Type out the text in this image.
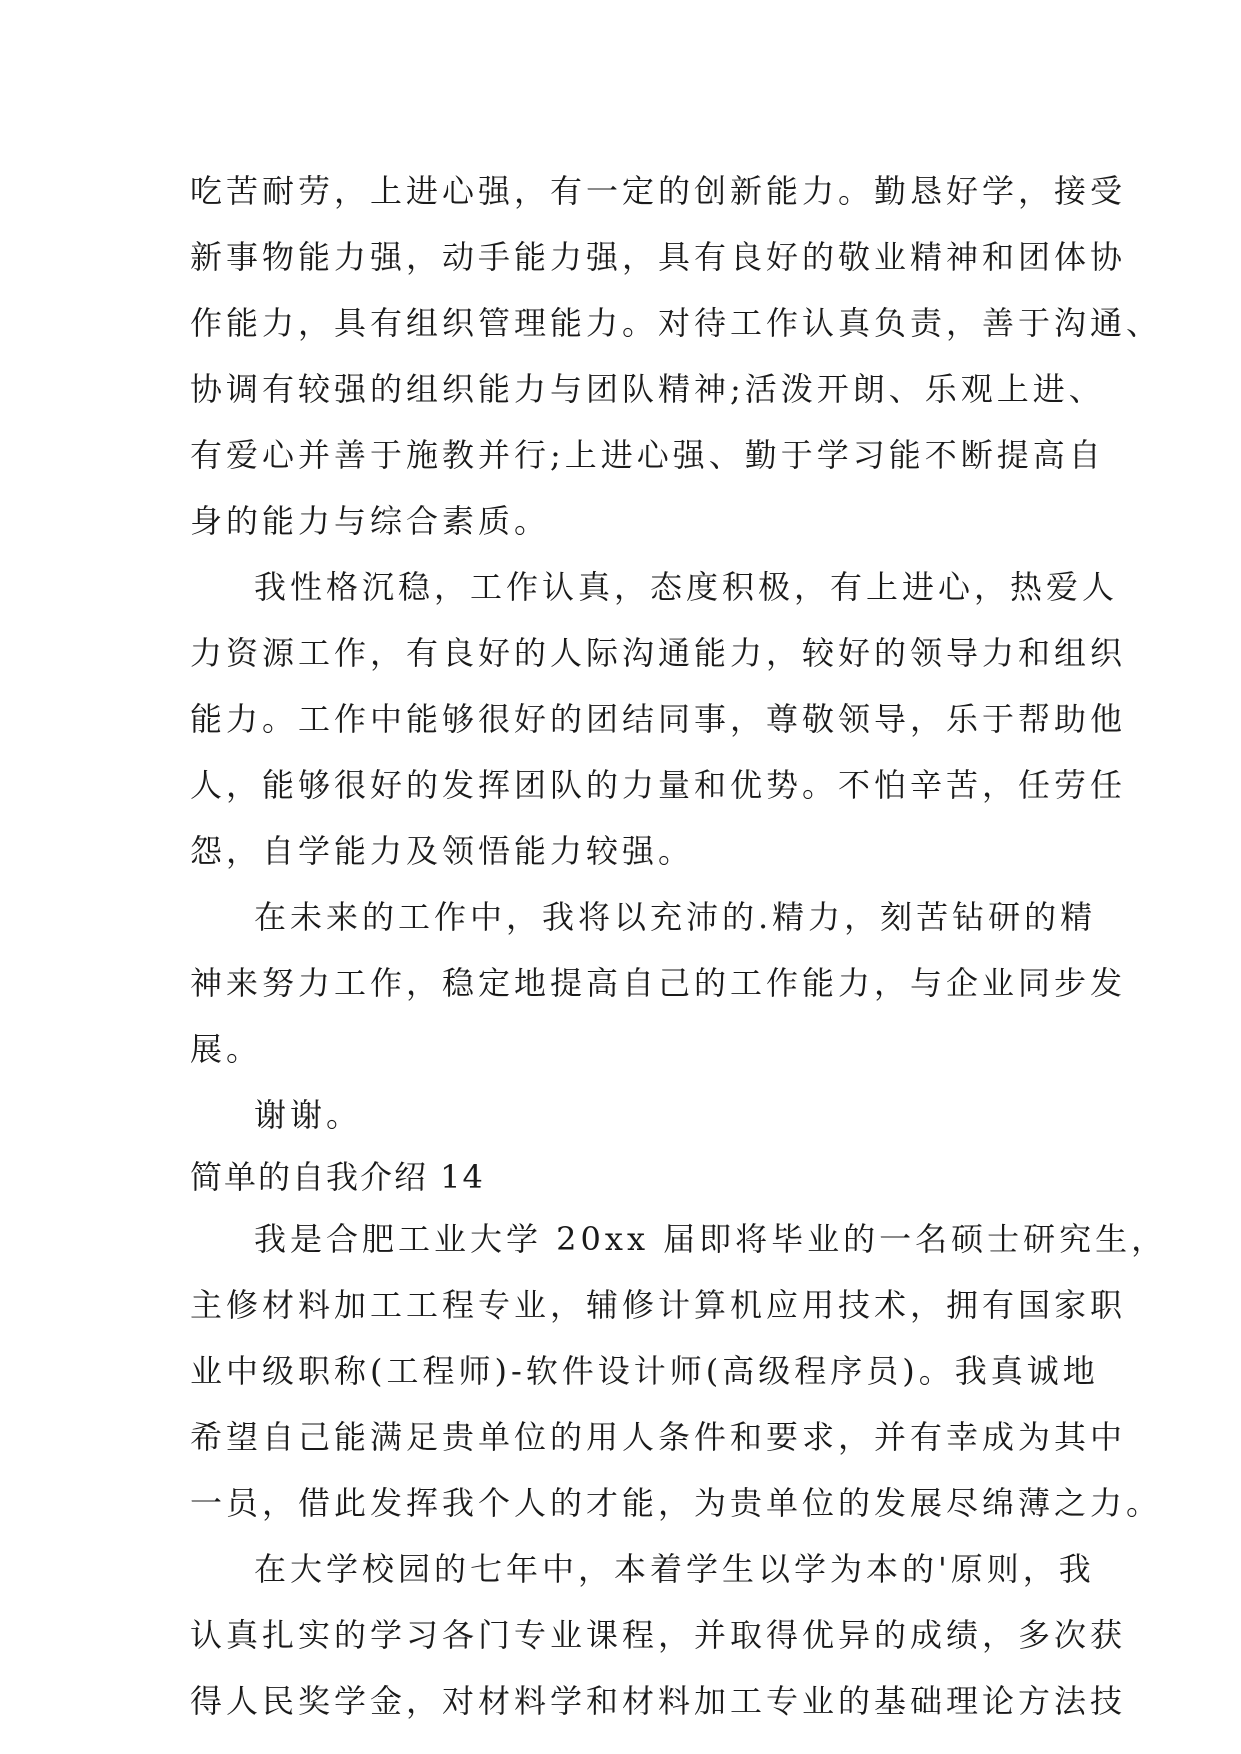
吃苦耐劳，上进心强，有一定的创新能力。勤恳好学，接受
新事物能力强，动手能力强，具有良好的敬业精神和团体协
作能力，具有组织管理能力。对待工作认真负责，善于沟通、
协调有较强的组织能力与团队精神;活泼开朗、乐观上进、
有爱心并善于施教并行;上进心强、勤于学习能不断提高自
身的能力与综合素质。
我性格沉稳，工作认真，态度积极，有上进心，热爱人
力资源工作，有良好的人际沟通能力，较好的领导力和组织
能力。工作中能够很好的团结同事，尊敬领导，乐于帮助他
人，能够很好的发挥团队的力量和优势。不怕辛苦，任劳任
怨，自学能力及领悟能力较强。
在未来的工作中，我将以充沛的.精力，刻苦钻研的精
神来努力工作，稳定地提高自己的工作能力，与企业同步发
展。
谢谢。
简单的自我介绍 14
我是合肥工业大学 20xx 届即将毕业的一名硕士研究生，
主修材料加工工程专业，辅修计算机应用技术，拥有国家职
业中级职称(工程师)-软件设计师(高级程序员)。我真诚地
希望自己能满足贵单位的用人条件和要求，并有幸成为其中
一员，借此发挥我个人的才能，为贵单位的发展尽绵薄之力。
在大学校园的七年中，本着学生以学为本的'原则，我
认真扎实的学习各门专业课程，并取得优异的成绩，多次获
得人民奖学金，对材料学和材料加工专业的基础理论方法技
